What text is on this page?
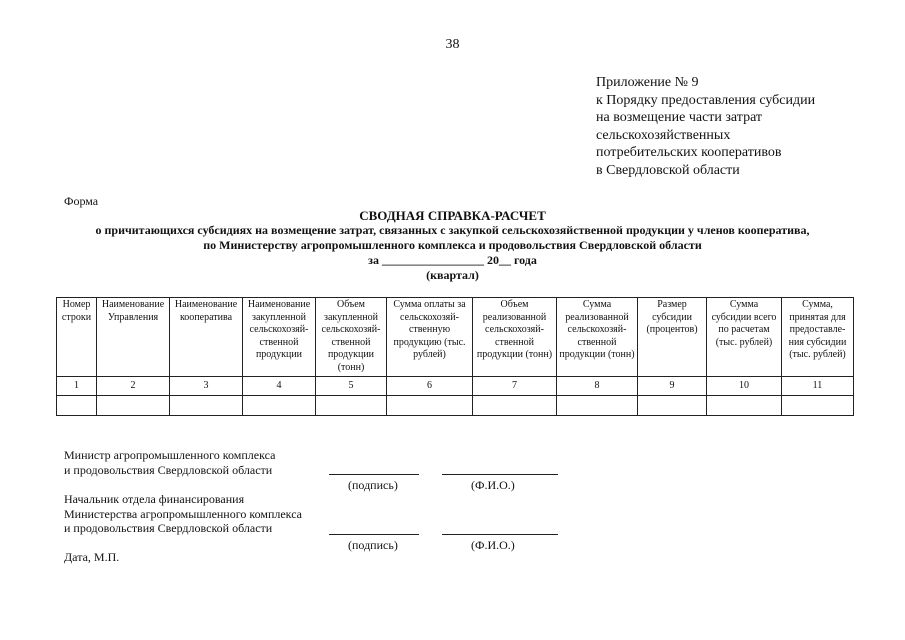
38
Приложение № 9
к Порядку предоставления субсидии
на возмещение части затрат
сельскохозяйственных
потребительских кооперативов
в Свердловской области
Форма
СВОДНАЯ СПРАВКА-РАСЧЕТ
о причитающихся субсидиях на возмещение затрат, связанных с закупкой сельскохозяйственной продукции у членов кооператива,
по Министерству агропромышленного комплекса и продовольствия Свердловской области
за _________________ 20__ года
(квартал)
Номер строки	Наименование Управления	Наименование кооператива	Наименование закупленной сельскохозяй-ственной продукции	Объем закупленной сельскохозяй-ственной продукции (тонн)	Сумма оплаты за сельскохозяй-ственную продукцию (тыс. рублей)	Объем реализованной сельскохозяй-ственной продукции (тонн)	Сумма реализованной сельскохозяй-ственной продукции (тонн)	Размер субсидии (процентов)	Сумма субсидии всего по расчетам (тыс. рублей)	Сумма, принятая для предоставле-ния субсидии (тыс. рублей)
1	2	3	4	5	6	7	8	9	10	11

Министр агропромышленного комплекса
и продовольствия Свердловской области
(подпись)	(Ф.И.О.)
Начальник отдела финансирования
Министерства агропромышленного комплекса
и продовольствия Свердловской области
(подпись)	(Ф.И.О.)
Дата, М.П.
